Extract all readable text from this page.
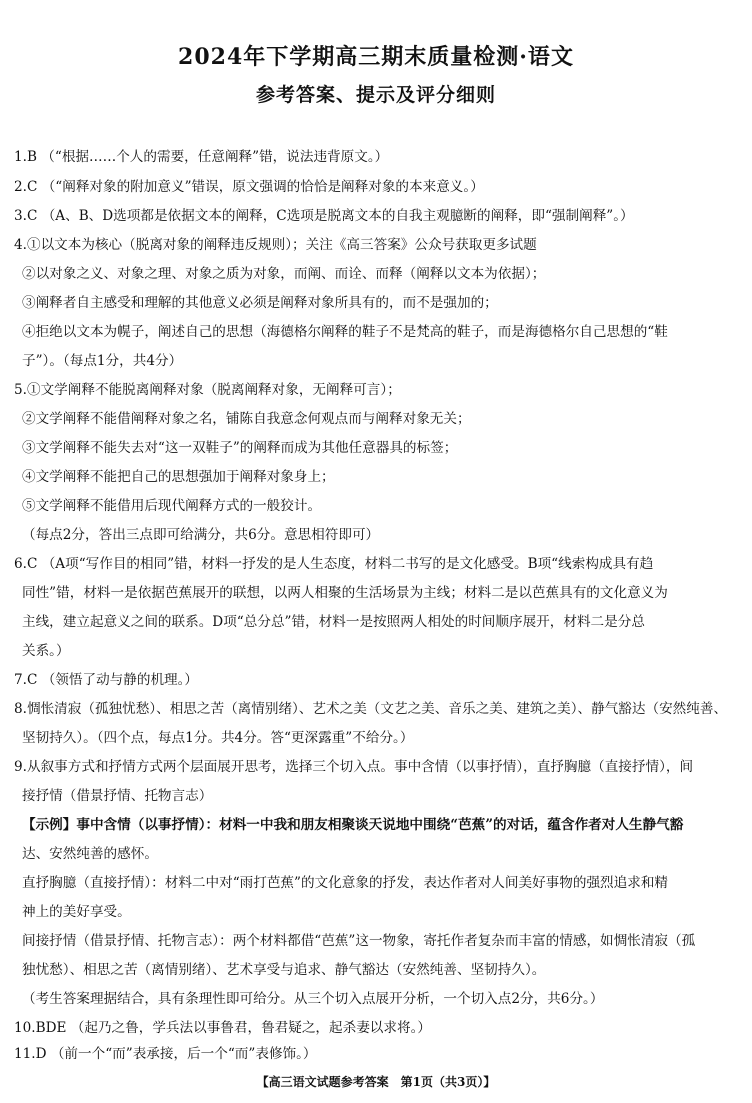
2024年下学期高三期末质量检测·语文
参考答案、提示及评分细则
1.B （“根据……个人的需要，任意阐释”错，说法违背原文。）
2.C （“阐释对象的附加意义”错误，原文强调的恰恰是阐释对象的本来意义。）
3.C （A、B、D选项都是依据文本的阐释，C选项是脱离文本的自我主观臆断的阐释，即“强制阐释”。）
4.①以文本为核心（脱离对象的阐释违反规则）；关注《高三答案》公众号获取更多试题
②以对象之义、对象之理、对象之质为对象，而阐、而诠、而释（阐释以文本为依据）；
③阐释者自主感受和理解的其他意义必须是阐释对象所具有的，而不是强加的；
④拒绝以文本为幌子，阐述自己的思想（海德格尔阐释的鞋子不是梵高的鞋子，而是海德格尔自己思想的“鞋
子”）。（每点1分，共4分）
5.①文学阐释不能脱离阐释对象（脱离阐释对象，无阐释可言）；
②文学阐释不能借阐释对象之名，铺陈自我意念何观点而与阐释对象无关；
③文学阐释不能失去对“这一双鞋子”的阐释而成为其他任意器具的标签；
④文学阐释不能把自己的思想强加于阐释对象身上；
⑤文学阐释不能借用后现代阐释方式的一般狡计。
（每点2分，答出三点即可给满分，共6分。意思相符即可）
6.C （A项“写作目的相同”错，材料一抒发的是人生态度，材料二书写的是文化感受。B项“线索构成具有趋
同性”错，材料一是依据芭蕉展开的联想，以两人相聚的生活场景为主线；材料二是以芭蕉具有的文化意义为
主线，建立起意义之间的联系。D项“总分总”错，材料一是按照两人相处的时间顺序展开，材料二是分总
关系。）
7.C （领悟了动与静的机理。）
8.惆怅清寂（孤独忧愁）、相思之苦（离情别绪）、艺术之美（文艺之美、音乐之美、建筑之美）、静气豁达（安然纯善、
坚韧持久）。（四个点，每点1分。共4分。答“更深露重”不给分。）
9.从叙事方式和抒情方式两个层面展开思考，选择三个切入点。事中含情（以事抒情），直抒胸臆（直接抒情），间
接抒情（借景抒情、托物言志）
【示例】事中含情（以事抒情）：材料一中我和朋友相聚谈天说地中围绕“芭蕉”的对话，蕴含作者对人生静气豁
达、安然纯善的感怀。
直抒胸臆（直接抒情）：材料二中对“雨打芭蕉”的文化意象的抒发，表达作者对人间美好事物的强烈追求和精
神上的美好享受。
间接抒情（借景抒情、托物言志）：两个材料都借“芭蕉”这一物象，寄托作者复杂而丰富的情感，如惆怅清寂（孤
独忧愁）、相思之苦（离情别绪）、艺术享受与追求、静气豁达（安然纯善、坚韧持久）。
（考生答案理据结合，具有条理性即可给分。从三个切入点展开分析，一个切入点2分，共6分。）
10.BDE （起乃之鲁，学兵法以事鲁君，鲁君疑之，起杀妻以求将。）
11.D （前一个“而”表承接，后一个“而”表修饰。）
【高三语文试题参考答案　第1页（共3页）】
